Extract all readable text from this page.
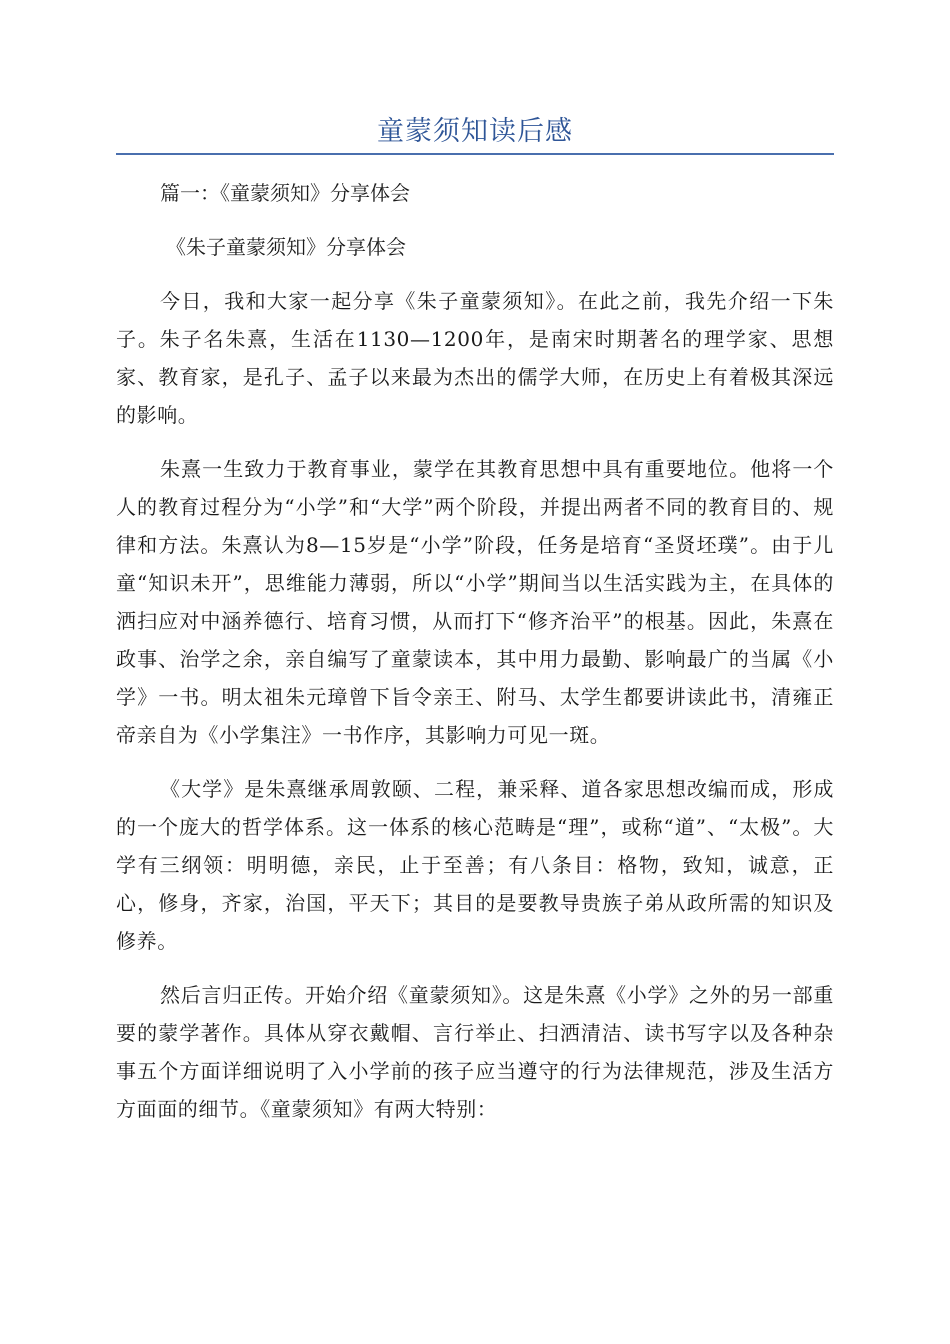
童蒙须知读后感

篇一：《童蒙须知》分享体会

《朱子童蒙须知》分享体会

今日，我和大家一起分享《朱子童蒙须知》。在此之前，我先介绍一下朱子。朱子名朱熹，生活在1130—1200年，是南宋时期著名的理学家、思想家、教育家，是孔子、孟子以来最为杰出的儒学大师，在历史上有着极其深远的影响。

朱熹一生致力于教育事业，蒙学在其教育思想中具有重要地位。他将一个人的教育过程分为“小学”和“大学”两个阶段，并提出两者不同的教育目的、规律和方法。朱熹认为8—15岁是“小学”阶段，任务是培育“圣贤坯璞”。由于儿童“知识未开”，思维能力薄弱，所以“小学”期间当以生活实践为主，在具体的洒扫应对中涵养德行、培育习惯，从而打下“修齐治平”的根基。因此，朱熹在政事、治学之余，亲自编写了童蒙读本，其中用力最勤、影响最广的当属《小学》一书。明太祖朱元璋曾下旨令亲王、附马、太学生都要讲读此书，清雍正帝亲自为《小学集注》一书作序，其影响力可见一斑。

《大学》是朱熹继承周敦颐、二程，兼采释、道各家思想改编而成，形成的一个庞大的哲学体系。这一体系的核心范畴是“理”，或称“道”、“太极”。大学有三纲领：明明德，亲民，止于至善；有八条目：格物，致知，诚意，正心，修身，齐家，治国，平天下；其目的是要教导贵族子弟从政所需的知识及修养。

然后言归正传。开始介绍《童蒙须知》。这是朱熹《小学》之外的另一部重要的蒙学著作。具体从穿衣戴帽、言行举止、扫洒清洁、读书写字以及各种杂事五个方面详细说明了入小学前的孩子应当遵守的行为法律规范，涉及生活方方面面的细节。《童蒙须知》有两大特别：
